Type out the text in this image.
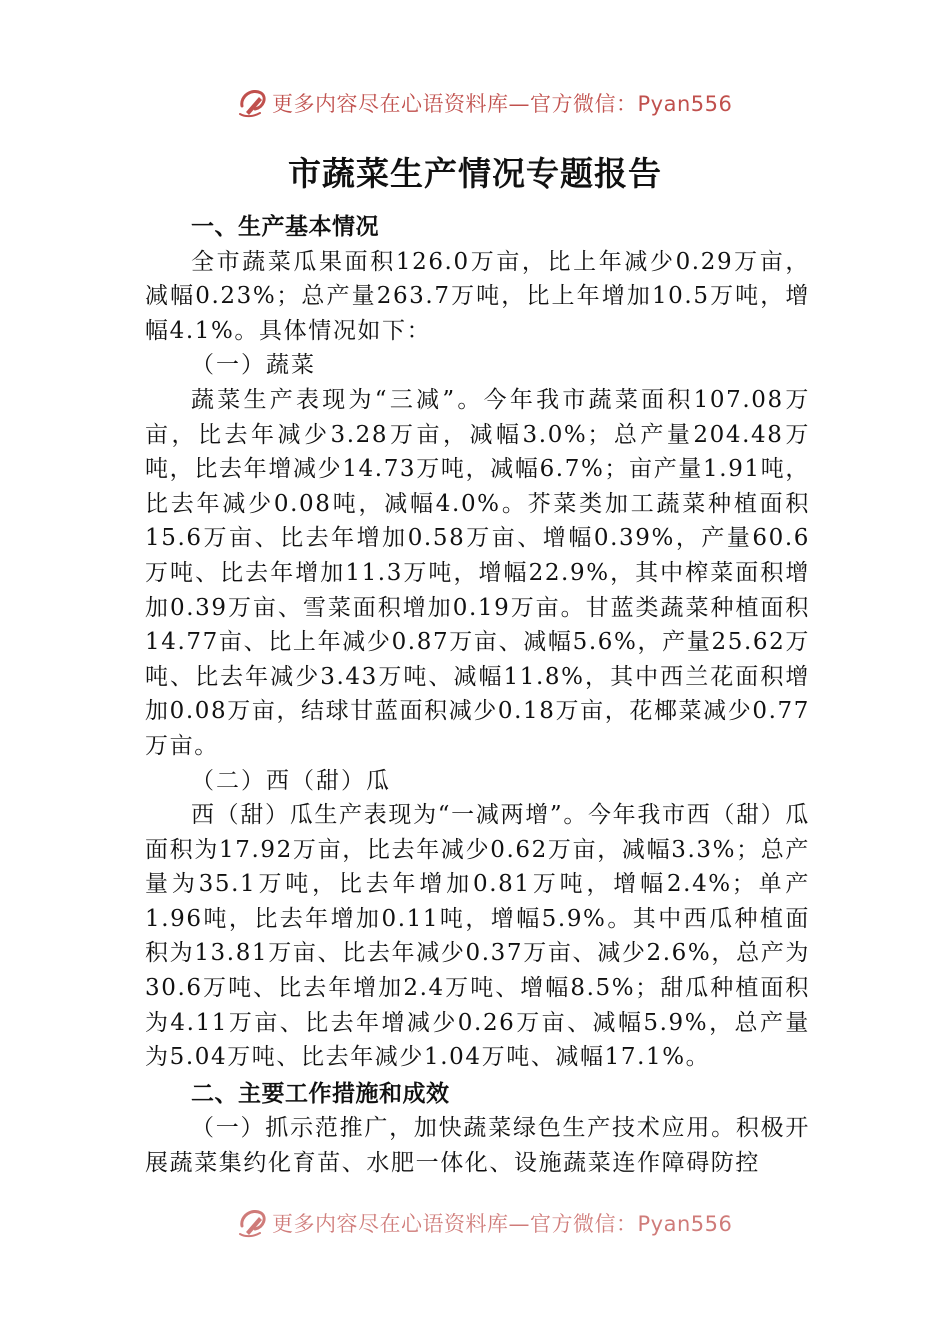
更多内容尽在心语资料库—官方微信：Pyan556
市蔬菜生产情况专题报告

一、生产基本情况

全市蔬菜瓜果面积126.0万亩，比上年减少0.29万亩，减幅0.23%；总产量263.7万吨，比上年增加10.5万吨，增幅4.1%。具体情况如下：

（一）蔬菜

蔬菜生产表现为“三减”。今年我市蔬菜面积107.08万亩，比去年减少3.28万亩，减幅3.0%；总产量204.48万吨，比去年增减少14.73万吨，减幅6.7%；亩产量1.91吨，比去年减少0.08吨，减幅4.0%。芥菜类加工蔬菜种植面积15.6万亩、比去年增加0.58万亩、增幅0.39%，产量60.6万吨、比去年增加11.3万吨，增幅22.9%，其中榨菜面积增加0.39万亩、雪菜面积增加0.19万亩。甘蓝类蔬菜种植面积14.77亩、比上年减少0.87万亩、减幅5.6%，产量25.62万吨、比去年减少3.43万吨、减幅11.8%，其中西兰花面积增加0.08万亩，结球甘蓝面积减少0.18万亩，花椰菜减少0.77万亩。

（二）西（甜）瓜

西（甜）瓜生产表现为“一减两增”。今年我市西（甜）瓜面积为17.92万亩，比去年减少0.62万亩，减幅3.3%；总产量为35.1万吨，比去年增加0.81万吨，增幅2.4%；单产1.96吨，比去年增加0.11吨，增幅5.9%。其中西瓜种植面积为13.81万亩、比去年减少0.37万亩、减少2.6%，总产为30.6万吨、比去年增加2.4万吨、增幅8.5%；甜瓜种植面积为4.11万亩、比去年增减少0.26万亩、减幅5.9%，总产量为5.04万吨、比去年减少1.04万吨、减幅17.1%。

二、主要工作措施和成效

（一）抓示范推广，加快蔬菜绿色生产技术应用。积极开展蔬菜集约化育苗、水肥一体化、设施蔬菜连作障碍防控

更多内容尽在心语资料库—官方微信：Pyan556
